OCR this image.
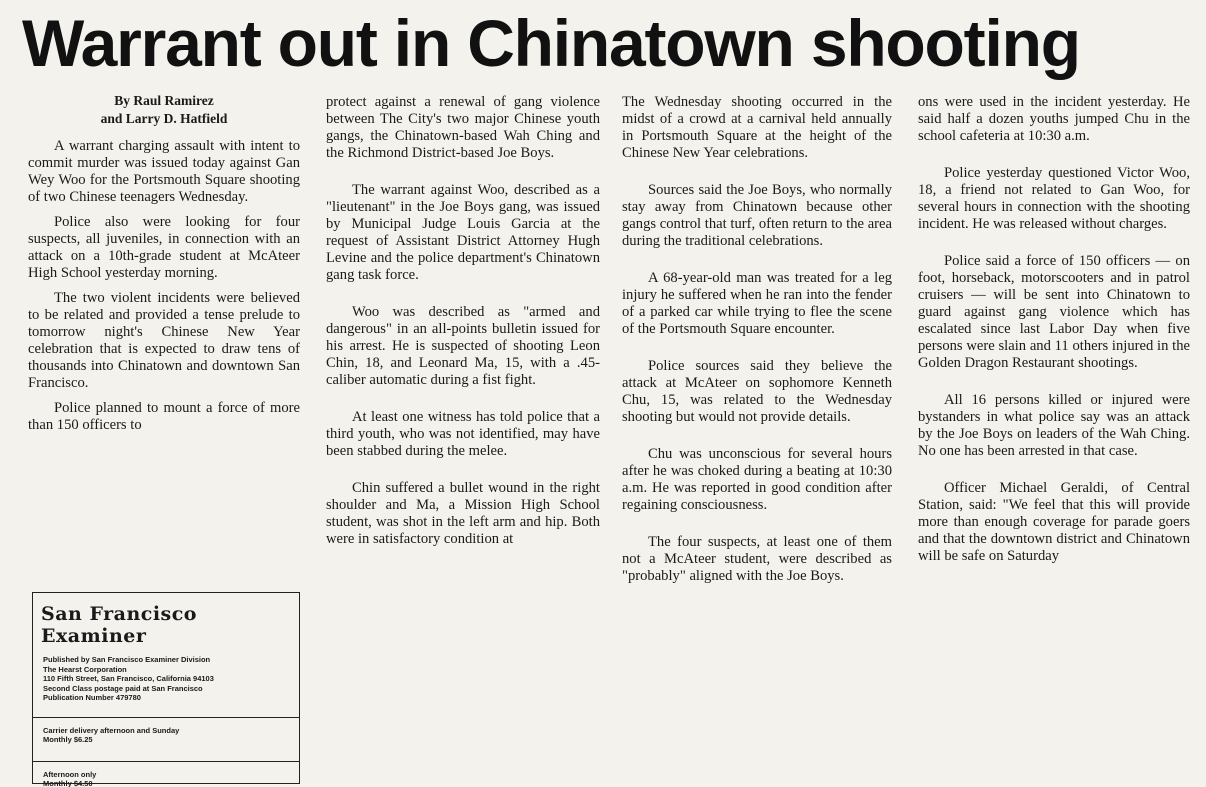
Warrant out in Chinatown shooting
By Raul Ramirez
and Larry D. Hatfield

A warrant charging assault with intent to commit murder was issued today against Gan Wey Woo for the Portsmouth Square shooting of two Chinese teenagers Wednesday.

Police also were looking for four suspects, all juveniles, in connection with an attack on a 10th-grade student at McAteer High School yesterday morning.

The two violent incidents were believed to be related and provided a tense prelude to tomorrow night's Chinese New Year celebration that is expected to draw tens of thousands into Chinatown and downtown San Francisco.

Police planned to mount a force of more than 150 officers to

San Francisco Examiner
Published by San Francisco Examiner Division
The Hearst Corporation
110 Fifth Street, San Francisco, California 94103
Second Class postage paid at San Francisco
Publication Number 479780
Carrier delivery afternoon and Sunday
Monthly $6.25
Afternoon only
Monthly $4.50

protect against a renewal of gang violence between The City's two major Chinese youth gangs, the Chinatown-based Wah Ching and the Richmond District-based Joe Boys.

The warrant against Woo, described as a "lieutenant" in the Joe Boys gang, was issued by Municipal Judge Louis Garcia at the request of Assistant District Attorney Hugh Levine and the police department's Chinatown gang task force.

Woo was described as "armed and dangerous" in an all-points bulletin issued for his arrest. He is suspected of shooting Leon Chin, 18, and Leonard Ma, 15, with a .45-caliber automatic during a fist fight.

At least one witness has told police that a third youth, who was not identified, may have been stabbed during the melee.

Chin suffered a bullet wound in the right shoulder and Ma, a Mission High School student, was shot in the left arm and hip. Both were in satisfactory condition at

The Wednesday shooting occurred in the midst of a crowd at a carnival held annually in Portsmouth Square at the height of the Chinese New Year celebrations.

Sources said the Joe Boys, who normally stay away from Chinatown because other gangs control that turf, often return to the area during the traditional celebrations.

A 68-year-old man was treated for a leg injury he suffered when he ran into the fender of a parked car while trying to flee the scene of the Portsmouth Square encounter.

Police sources said they believe the attack at McAteer on sophomore Kenneth Chu, 15, was related to the Wednesday shooting but would not provide details.

Chu was unconscious for several hours after he was choked during a beating at 10:30 a.m. He was reported in good condition after regaining consciousness.

The four suspects, at least one of them not a McAteer student, were described as "probably" aligned with the Joe Boys.

ons were used in the incident yesterday. He said half a dozen youths jumped Chu in the school cafeteria at 10:30 a.m.

Police yesterday questioned Victor Woo, 18, a friend not related to Gan Woo, for several hours in connection with the shooting incident. He was released without charges.

Police said a force of 150 officers — on foot, horseback, motorscooters and in patrol cruisers — will be sent into Chinatown to guard against gang violence which has escalated since last Labor Day when five persons were slain and 11 others injured in the Golden Dragon Restaurant shootings.

All 16 persons killed or injured were bystanders in what police say was an attack by the Joe Boys on leaders of the Wah Ching. No one has been arrested in that case.

Officer Michael Geraldi, of Central Station, said: "We feel that this will provide more than enough coverage for parade goers and that the downtown district and Chinatown will be safe on Saturday
